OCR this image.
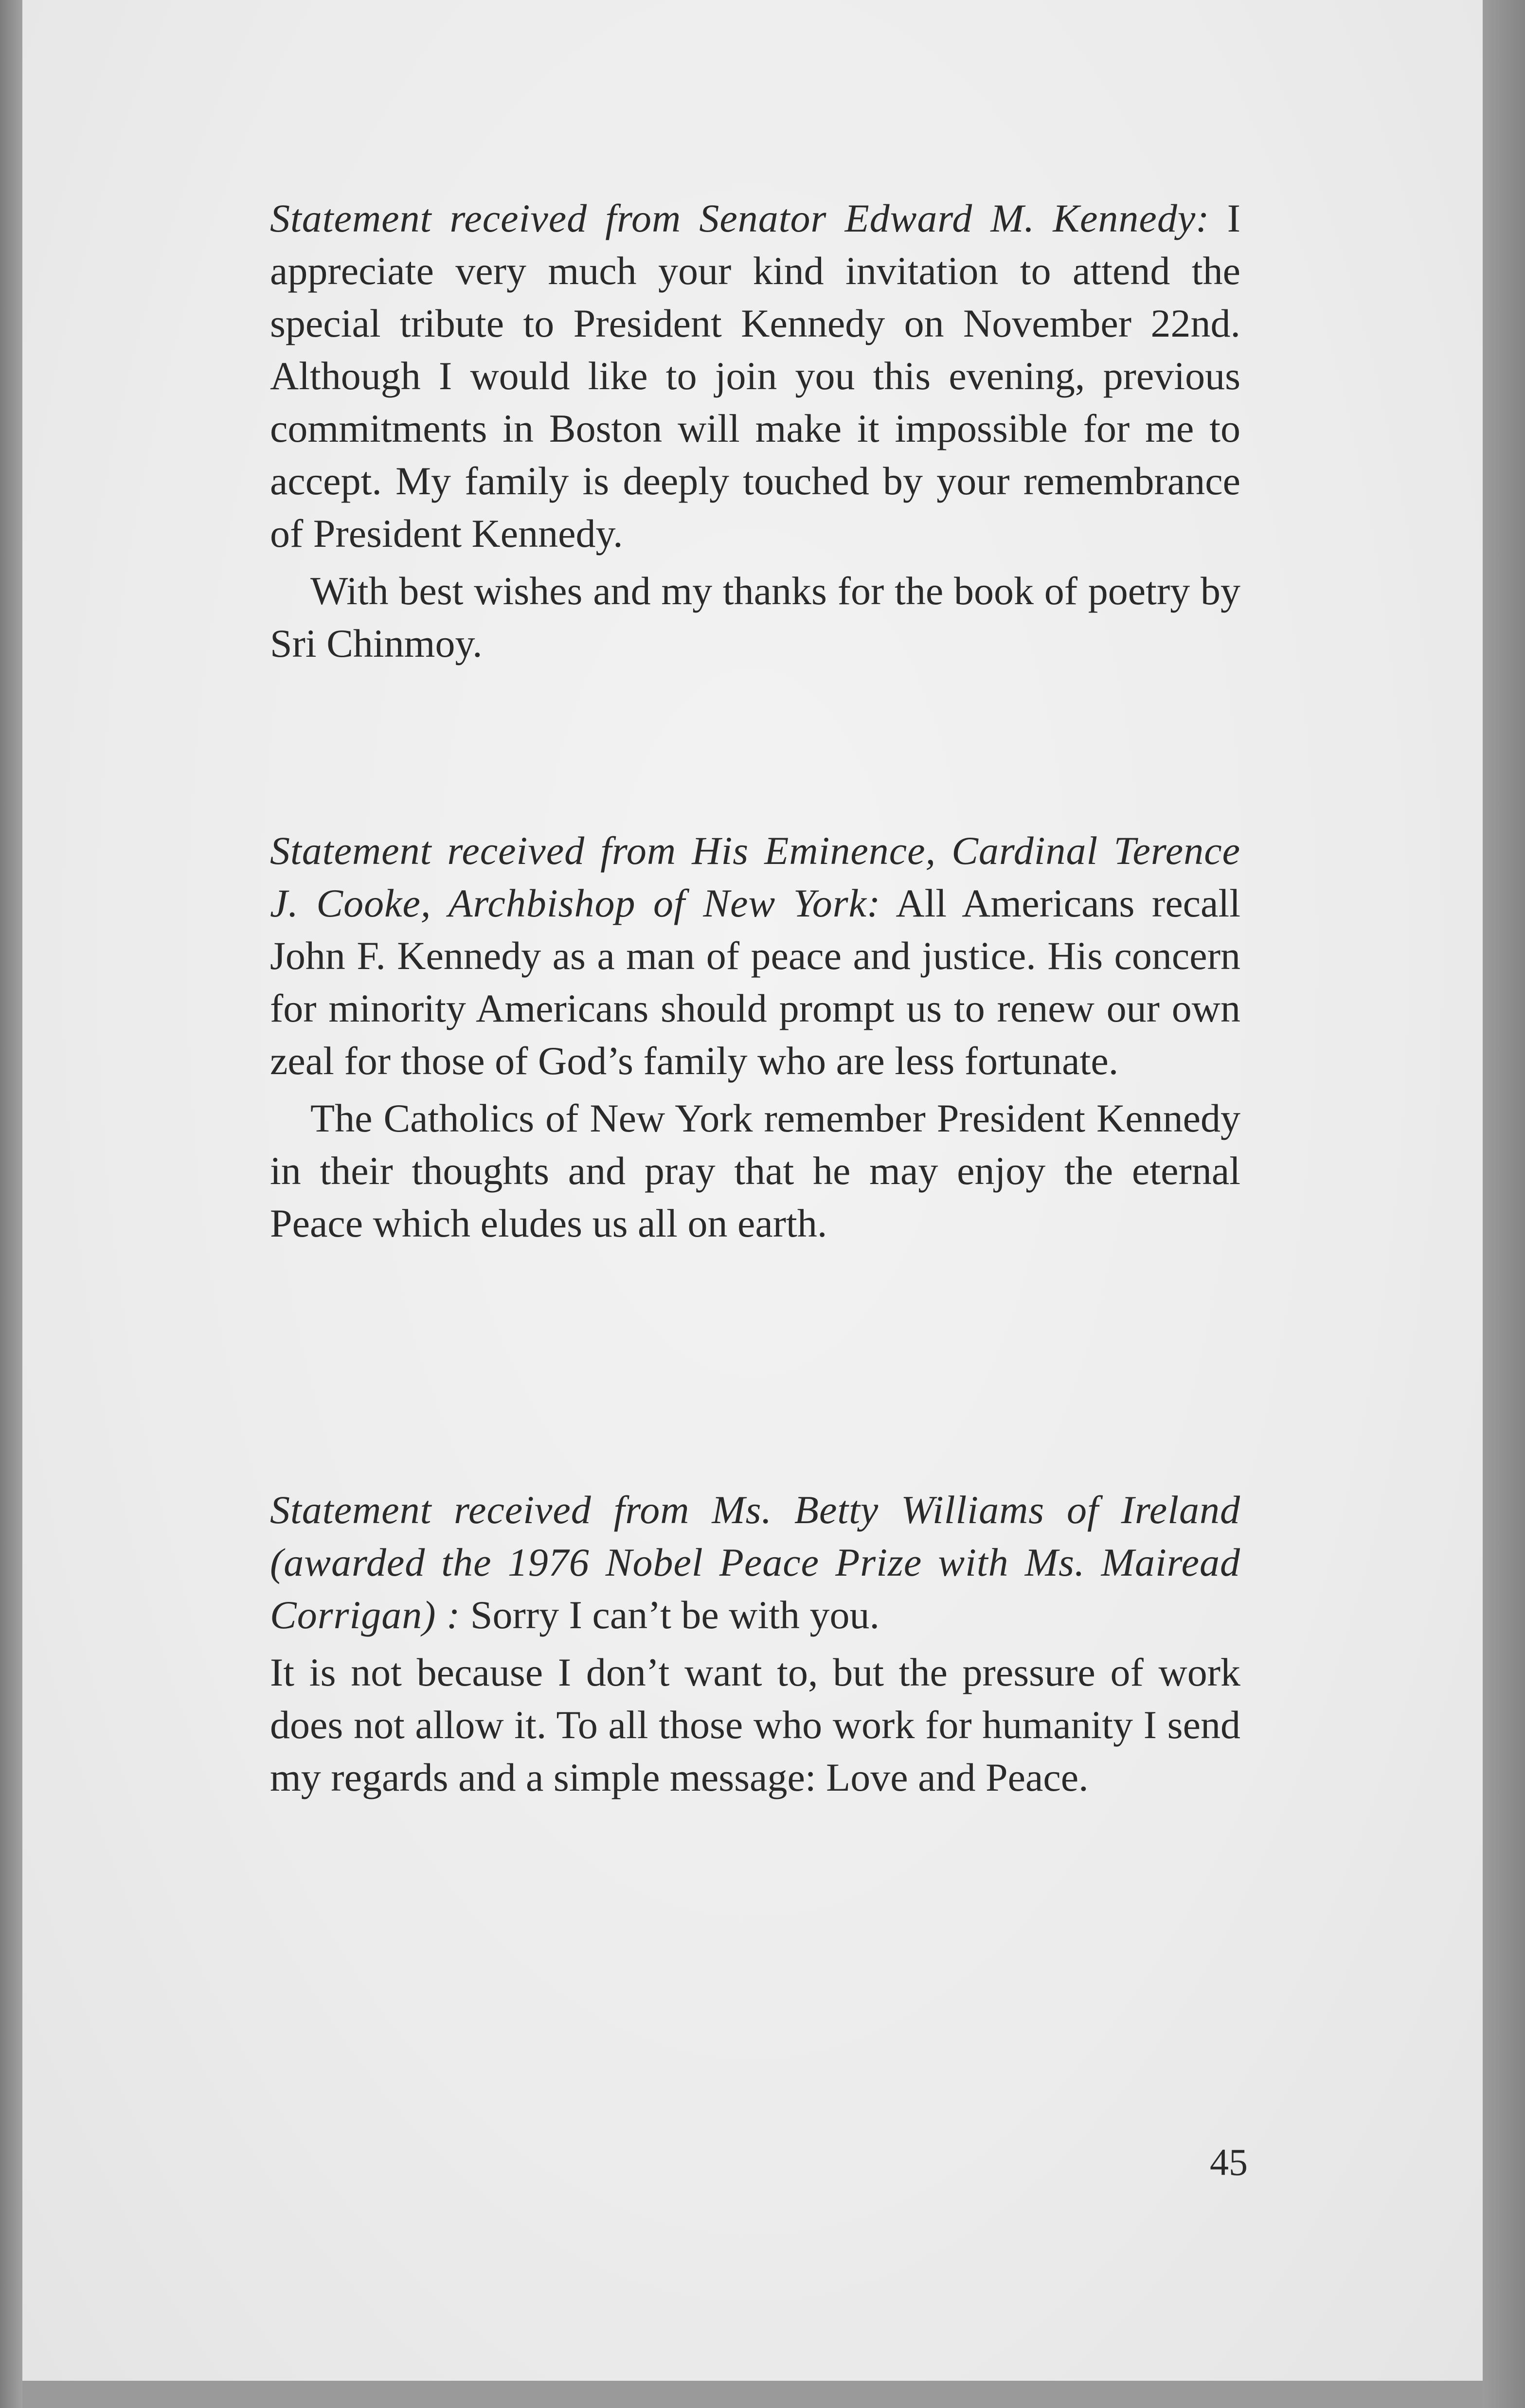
Statement received from Senator Edward M. Kennedy: I appreciate very much your kind invitation to attend the special tribute to President Kennedy on November 22nd. Although I would like to join you this evening, previous commitments in Boston will make it impossible for me to accept. My family is deeply touched by your remembrance of President Kennedy.

With best wishes and my thanks for the book of poetry by Sri Chinmoy.

Statement received from His Eminence, Cardinal Terence J. Cooke, Archbishop of New York: All Americans recall John F. Kennedy as a man of peace and justice. His concern for minority Americans should prompt us to renew our own zeal for those of God’s family who are less fortunate.

The Catholics of New York remember President Kennedy in their thoughts and pray that he may enjoy the eternal Peace which eludes us all on earth.

Statement received from Ms. Betty Williams of Ireland (awarded the 1976 Nobel Peace Prize with Ms. Mairead Corrigan) : Sorry I can’t be with you.

It is not because I don’t want to, but the pressure of work does not allow it. To all those who work for humanity I send my regards and a simple message: Love and Peace.

45
